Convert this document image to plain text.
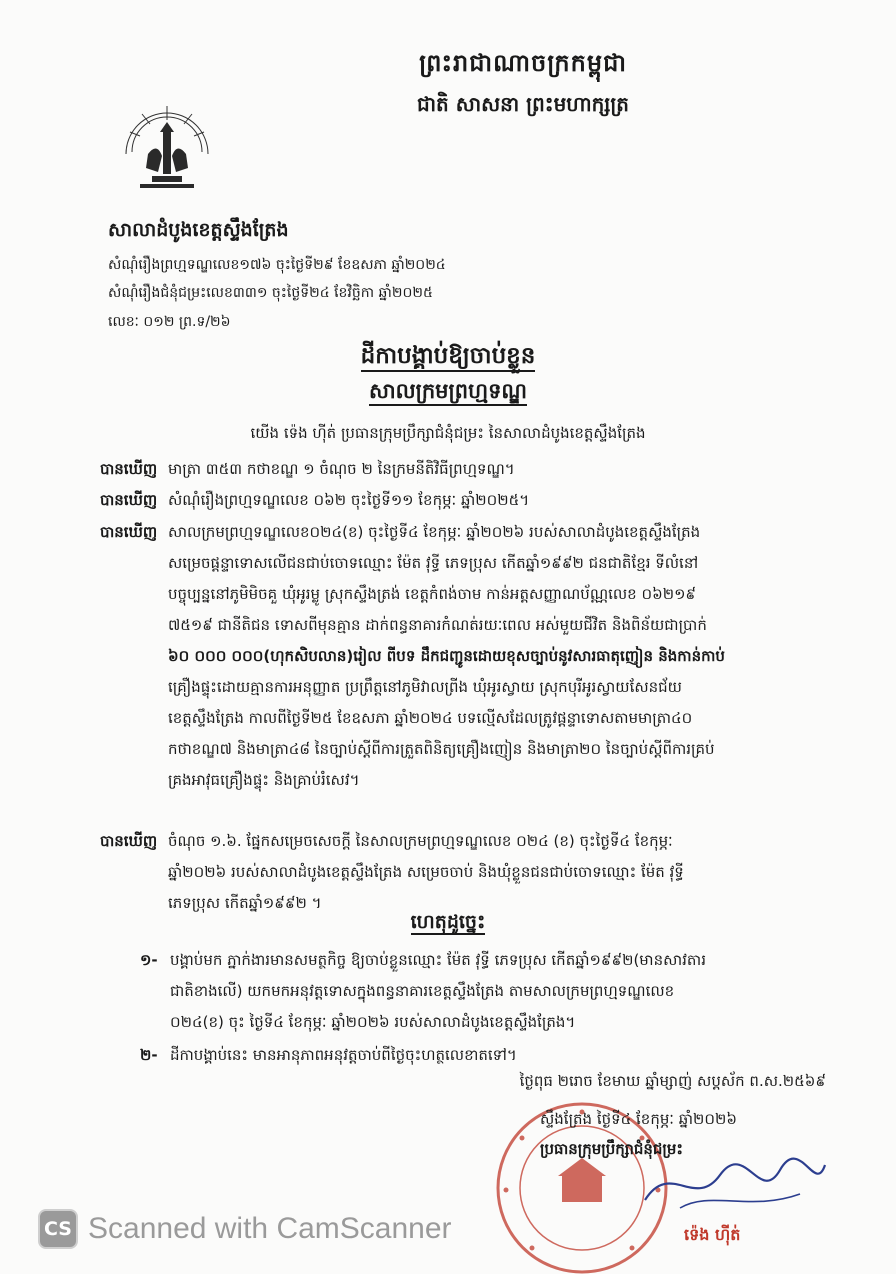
ព្រះរាជាណាចក្រកម្ពុជា
ជាតិ សាសនា ព្រះមហាក្សត្រ
សាលាដំបូងខេត្តស្ទឹងត្រែង
សំណុំរឿងព្រហ្មទណ្ឌលេខ១៧៦ ចុះថ្ងៃទី២៩ ខែឧសភា ឆ្នាំ២០២៤
សំណុំរឿងជំនុំជម្រះលេខ៣៣១ ចុះថ្ងៃទី២៤ ខែវិច្ឆិកា ឆ្នាំ២០២៥
លេខៈ ០១២ ព្រ.ទ/២៦
ដីកាបង្គាប់ឱ្យចាប់ខ្លួន
សាលក្រមព្រហ្មទណ្ឌ
យើង ទ៉េង ហ៊ីត់ ប្រធានក្រុមប្រឹក្សាជំនុំជម្រះ នៃសាលាដំបូងខេត្តស្ទឹងត្រែង
បានឃើញ មាត្រា ៣៥៣ កថាខណ្ឌ ១ ចំណុច ២ នៃក្រមនីតិវិធីព្រហ្មទណ្ឌ។
បានឃើញ សំណុំរឿងព្រហ្មទណ្ឌលេខ ០៦២ ចុះថ្ងៃទី១១ ខែកុម្ភៈ ឆ្នាំ២០២៥។
បានឃើញ សាលក្រមព្រហ្មទណ្ឌលេខ០២៤(ខ) ចុះថ្ងៃទី៤ ខែកុម្ភៈ ឆ្នាំ២០២៦ របស់សាលាដំបូងខេត្តស្ទឹងត្រែង
សម្រេចផ្តន្ទាទោសលើជនជាប់ចោទឈ្មោះ ម៉ែត វុទ្ធី ភេទប្រុស កើតឆ្នាំ១៩៩២ ជនជាតិខ្មែរ ទីលំនៅ
បច្ចុប្បន្ននៅភូមិមិចគួ ឃុំអូរម្លូ ស្រុកស្ទឹងត្រង់ ខេត្តកំពង់ចាម កាន់អត្តសញ្ញាណប័ណ្ណលេខ ០៦២១៩
៧៥១៩ ជានីតិជន ទោសពីមុនគ្មាន ដាក់ពន្ធនាគារកំណត់រយៈពេល អស់មួយជីវិត និងពិន័យជាប្រាក់
៦០ ០០០ ០០០(ហុកសិបលាន)រៀល ពីបទ ដឹកជញ្ជូនដោយខុសច្បាប់នូវសារធាតុញៀន និងកាន់កាប់
គ្រឿងផ្ទុះដោយគ្មានការអនុញ្ញាត ប្រព្រឹត្តនៅភូមិវាលព្រីង ឃុំអូរស្វាយ ស្រុកបុរីអូរស្វាយសែនជ័យ
ខេត្តស្ទឹងត្រែង កាលពីថ្ងៃទី២៥ ខែឧសភា ឆ្នាំ២០២៤ បទល្មើសដែលត្រូវផ្តន្ទាទោសតាមមាត្រា៤០
កថាខណ្ឌ៧ និងមាត្រា៤៨ នៃច្បាប់ស្តីពីការត្រួតពិនិត្យគ្រឿងញៀន និងមាត្រា២០ នៃច្បាប់ស្តីពីការគ្រប់
គ្រងអាវុធគ្រឿងផ្ទុះ និងគ្រាប់រំសេវ។
បានឃើញ ចំណុច ១.៦. ផ្នែកសម្រេចសេចក្តី នៃសាលក្រមព្រហ្មទណ្ឌលេខ ០២៤ (ខ) ចុះថ្ងៃទី៤ ខែកុម្ភៈ
ឆ្នាំ២០២៦ របស់សាលាដំបូងខេត្តស្ទឹងត្រែង សម្រេចចាប់ និងឃុំខ្លួនជនជាប់ចោទឈ្មោះ ម៉ែត វុទ្ធី
ភេទប្រុស កើតឆ្នាំ១៩៩២ ។
ហេតុដូច្នេះ
១- បង្គាប់មក ភ្នាក់ងារមានសមត្ថកិច្ច ឱ្យចាប់ខ្លួនឈ្មោះ ម៉ែត វុទ្ធី ភេទប្រុស កើតឆ្នាំ១៩៩២(មានសាវតារ
ជាតិខាងលើ) យកមកអនុវត្តទោសក្នុងពន្ធនាគារខេត្តស្ទឹងត្រែង តាមសាលក្រមព្រហ្មទណ្ឌលេខ
០២៤(ខ) ចុះ ថ្ងៃទី៤ ខែកុម្ភៈ ឆ្នាំ២០២៦ របស់សាលាដំបូងខេត្តស្ទឹងត្រែង។
២- ដីកាបង្គាប់នេះ មានអានុភាពអនុវត្តចាប់ពីថ្ងៃចុះហត្ថលេខាតទៅ។
ថ្ងៃពុធ ២រោច ខែមាឃ ឆ្នាំម្សាញ់ សប្តស័ក ព.ស.២៥៦៩
ស្ទឹងត្រែង ថ្ងៃទី៤ ខែកុម្ភៈ ឆ្នាំ២០២៦
ប្រធានក្រុមប្រឹក្សាជំនុំជម្រះ
ទ៉េង ហ៊ីត់
CS Scanned with CamScanner
